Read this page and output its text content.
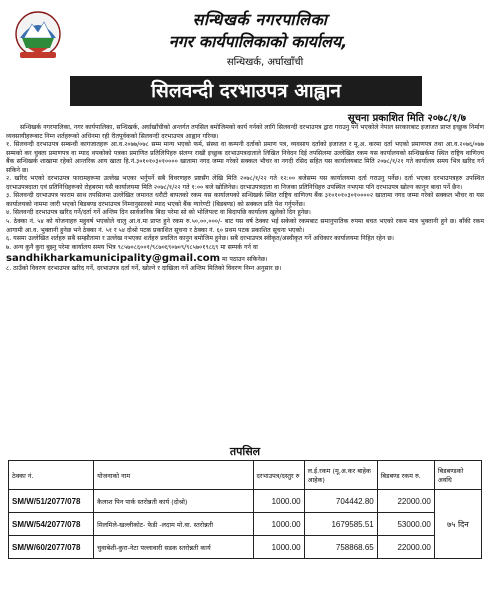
सन्धिखर्क नगरपालिका
नगर कार्यपालिकाको कार्यालय,
सन्धिखर्क, अर्घाखाँची
सिलवन्दी दरभाउपत्र आह्वान
सूचना प्रकाशित मिति २०७८/१/७

सन्धिखर्क नगरपालिका, नगर कार्यपालिका, सन्धिखर्क, अर्घाखाँचीको अन्तर्गत तपसिल बमोजिमको कार्य गर्नको लागि सिलवन्दी दरभाउपत्र द्वारा गराउनु पर्ने भएकोले नेपाल सरकारबाट इजाजत प्राप्त इच्छुक निर्माण व्यवसायीहरूबाट निम्न शर्तहरूको अधिनमा रही रीतपूर्वकको सिलवन्दी दरभाउपत्र आह्वान गरिन्छ।

१. सिलवन्दी दरभाउपत्र सम्बन्धी कागजातहरू आ.व.२०७७/०७८ सम्म मान्य भएको फर्म, संस्था वा कम्पनी दर्ताको प्रमाण पत्र, व्यवसाय दर्ताको इजाजत र मू.अ. करमा दर्ता भएको प्रमाणपत्र तथा आ.व.२०७६/०७७ सम्मको कर चुक्ता प्रमाणपत्र वा म्याद थपकोको पत्रका प्रमाणित प्रतिलिपिहरु संलग्न राखी इच्छुक दरभाउपत्रदाताले लिखित निवेदन दिई तपसिलमा उल्लेखित रकम यस कार्यालयको सन्धिखर्कमा स्थित राष्ट्रिय वाणिज्य बैंक सन्धिखर्क शाखामा रहेको आन्तरिक आय खाता हि.नं.३०१०१०३०१०००० खातामा नगद जम्मा गरेको सक्कल भौचर वा नगदी रसिद सहित यस कार्यालयबाट मिति २०७८/१/२१ गते कार्यालय समय भित्र खरिद गर्न सकिने छ।

२. खरिद भएको दरभाउपत्र फारामहरूमा उल्लेख भएका भर्नुपर्ने सबै विवरणहरु प्रष्टसँग लेखि मिति २०७८/१/२२ गते १२:०० बजेसम्म यस कार्यालयमा दर्ता गराउनु पर्नेछ। दर्ता भएका दरभाउपत्रहरु उपस्थित दरभाउपत्रदाता एवं प्रतिनिधिहरूको रोहबरमा यसै कार्यालयमा मिति २०७८/१/२२ गते १:०० बजे खोलिनेछ। दरभाउपत्रदाता वा निजका प्रतिनिधिहरु उपस्थित नभएमा पनि दरभाउपत्र खोल्न कानुन बाधा पर्ने छैन।

३. सिलवन्दी दरभाउपत्र फाराम साथ तपसिलमा उल्लेखित जमानत धरौटी बापतको रकम यस कार्यालयको सन्धिखर्क स्थित राष्ट्रिय वाणिज्य बैंक ३१०१०१०३०१००००२ खातामा नगद जम्मा गरेको सक्कल भौचर वा यस कार्यालयको नाममा जारी भएको बिडबण्ड दरभाउपत्र निम्नानुसारको म्याद भएको बैंक ग्यारेण्टी (बिडबण्ड) को सक्कल प्रति पेश गर्नुपर्नेछ।

४. सिलवन्दी दरभाउपत्र खरिद गर्ने/दर्ता गर्ने अन्तिम दिन सार्वजनिक बिदा परेमा सो को भोलिपल्ट वा बिदापछि कार्यालय खुलेको दिन हुनेछ।

५. ठेक्का नं. ५४ को योजनाहरु महुवर्ष भएकोले चालु आ.व.मा प्राप्त हुने रकम रु.५०,००,०००/- बाट यस वर्ष ठेक्का भई सकेको रकमबाट समानुपातिक रुपमा बचत भएको रकम मात्र भुक्तानी हुने छ। बाँकी रकम आगामी आ.व. भुक्तानी हुनेछ भने ठेक्का नं. ५१ र ५४ दोश्रो पटक प्रकाशित सूचना र ठेक्का नं. ६० प्रथम पटक प्रकाशित सूचना भएको।

६. यसमा उल्लेखित शर्तहरु सबै सम्झौतामा र उल्लेख नभएका शर्तहरु प्रचलित कानुन बमोजिम हुनेछ। सबै दरभाउपत्र स्वीकृत/अस्वीकृत गर्ने अधिकार कार्यालयमा निहित रहेन छ।

७. अन्य कुनै कुरा बुझ्नु परेमा कार्यालय समय भित्र ९८५७०८६००१/९८७०६९०७०९/९८५७०१९८६९ मा सम्पर्क गर्न वा

sandhikharkamunicipality@gmail.com मा पठाउन सकिनेछ।

८. ठाउँको विवरण दरभाउपत्र खरिद गर्ने, दरभाउपत्र दर्ता गर्ने, खोल्ने र दाखिला गर्ने अन्तिम मितिको विवरण निम्न अनुसार छ।

तपसिल
ठेक्का नं.	योजनाको नाम	दरभाउपत्र/दस्तुर रु	ल.ई.रकम (मू.अ.कर बाहेक आहेक)	बिडबण्ड रकम रु.	बिडबण्डको अवधि
SM/W/51/2077/078	कैलाश पिन पार्क स्तरोन्नती कार्य (दोश्रो)	1000.00	704442.80	22000.00	७५ दिन
SM/W/54/2077/078	मिलमिले-खल्लीकोट- फेडी -लदाम मो.वा. स्तरोन्नती	1000.00	1679585.51	53000.00	
SM/W/60/2077/078	चुवाबेशी-कुरा-नेटा पल्लावारी सडक स्तरोन्नती कार्य	1000.00	758868.65	22000.00	
